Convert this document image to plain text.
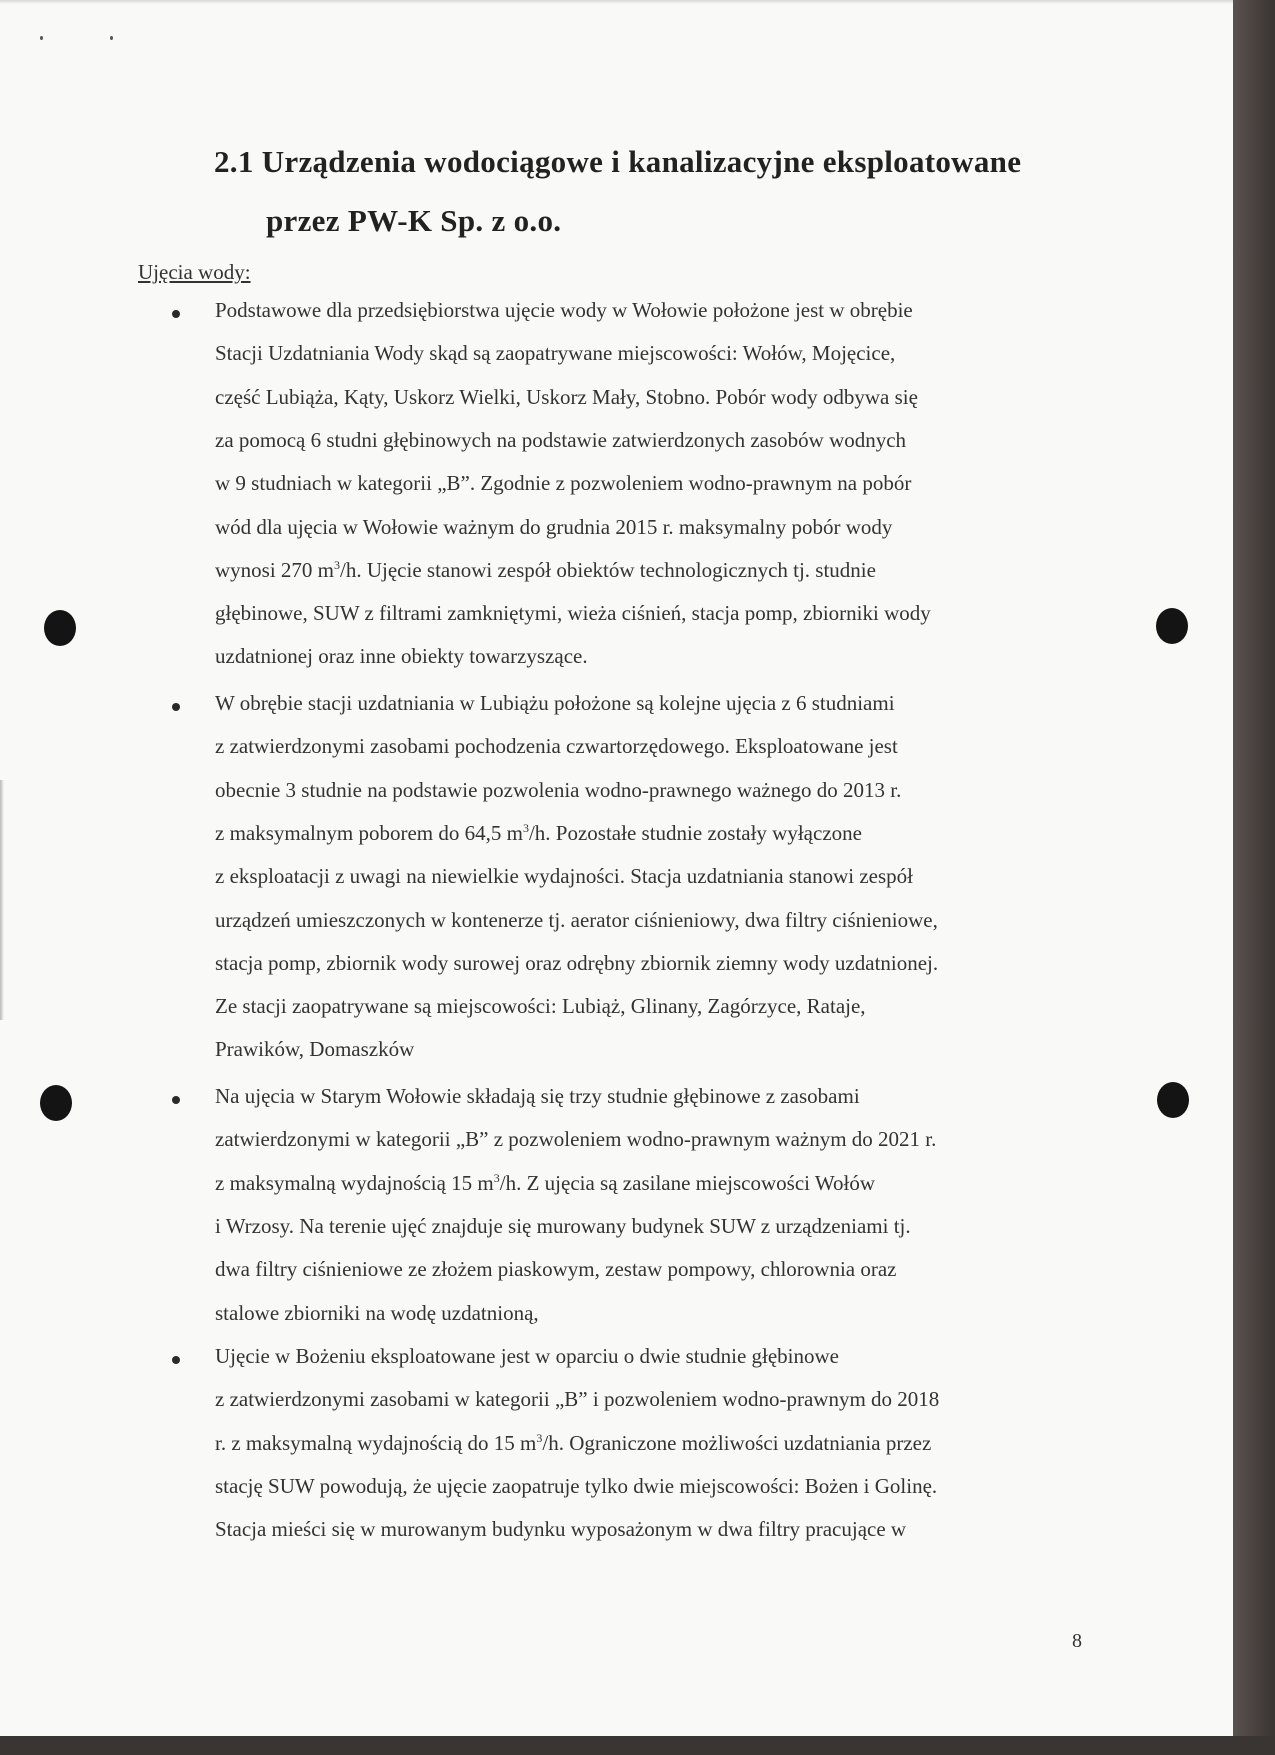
2.1 Urządzenia wodociągowe i kanalizacyjne eksploatowane
przez PW-K Sp. z o.o.
Ujęcia wody:
Podstawowe dla przedsiębiorstwa ujęcie wody w Wołowie położone jest w obrębie
Stacji Uzdatniania Wody skąd są zaopatrywane miejscowości: Wołów, Mojęcice,
część Lubiąża, Kąty, Uskorz Wielki, Uskorz Mały, Stobno. Pobór wody odbywa się
za pomocą 6 studni głębinowych na podstawie zatwierdzonych zasobów wodnych
w 9 studniach w kategorii „B”. Zgodnie z pozwoleniem wodno-prawnym na pobór
wód dla ujęcia w Wołowie ważnym do grudnia 2015 r. maksymalny pobór wody
wynosi 270 $m^3/h$. Ujęcie stanowi zespół obiektów technologicznych tj. studnie
głębinowe, SUW z filtrami zamkniętymi, wieża ciśnień, stacja pomp, zbiorniki wody
uzdatnionej oraz inne obiekty towarzyszące.
W obrębie stacji uzdatniania w Lubiążu położone są kolejne ujęcia z 6 studniami
z zatwierdzonymi zasobami pochodzenia czwartorzędowego. Eksploatowane jest
obecnie 3 studnie na podstawie pozwolenia wodno-prawnego ważnego do 2013 r.
z maksymalnym poborem do 64,5 $m^3/h$. Pozostałe studnie zostały wyłączone
z eksploatacji z uwagi na niewielkie wydajności. Stacja uzdatniania stanowi zespół
urządzeń umieszczonych w kontenerze tj. aerator ciśnieniowy, dwa filtry ciśnieniowe,
stacja pomp, zbiornik wody surowej oraz odrębny zbiornik ziemny wody uzdatnionej.
Ze stacji zaopatrywane są miejscowości: Lubiąż, Glinany, Zagórzyce, Rataje,
Prawików, Domaszków
Na ujęcia w Starym Wołowie składają się trzy studnie głębinowe z zasobami
zatwierdzonymi w kategorii „B” z pozwoleniem wodno-prawnym ważnym do 2021 r.
z maksymalną wydajnością 15 $m^3/h$. Z ujęcia są zasilane miejscowości Wołów
i Wrzosy. Na terenie ujęć znajduje się murowany budynek SUW z urządzeniami tj.
dwa filtry ciśnieniowe ze złożem piaskowym, zestaw pompowy, chlorownia oraz
stalowe zbiorniki na wodę uzdatnioną,
Ujęcie w Bożeniu eksploatowane jest w oparciu o dwie studnie głębinowe
z zatwierdzonymi zasobami w kategorii „B” i pozwoleniem wodno-prawnym do 2018
r. z maksymalną wydajnością do 15 $m^3/h$. Ograniczone możliwości uzdatniania przez
stację SUW powodują, że ujęcie zaopatruje tylko dwie miejscowości: Bożen i Golinę.
Stacja mieści się w murowanym budynku wyposażonym w dwa filtry pracujące w
8
